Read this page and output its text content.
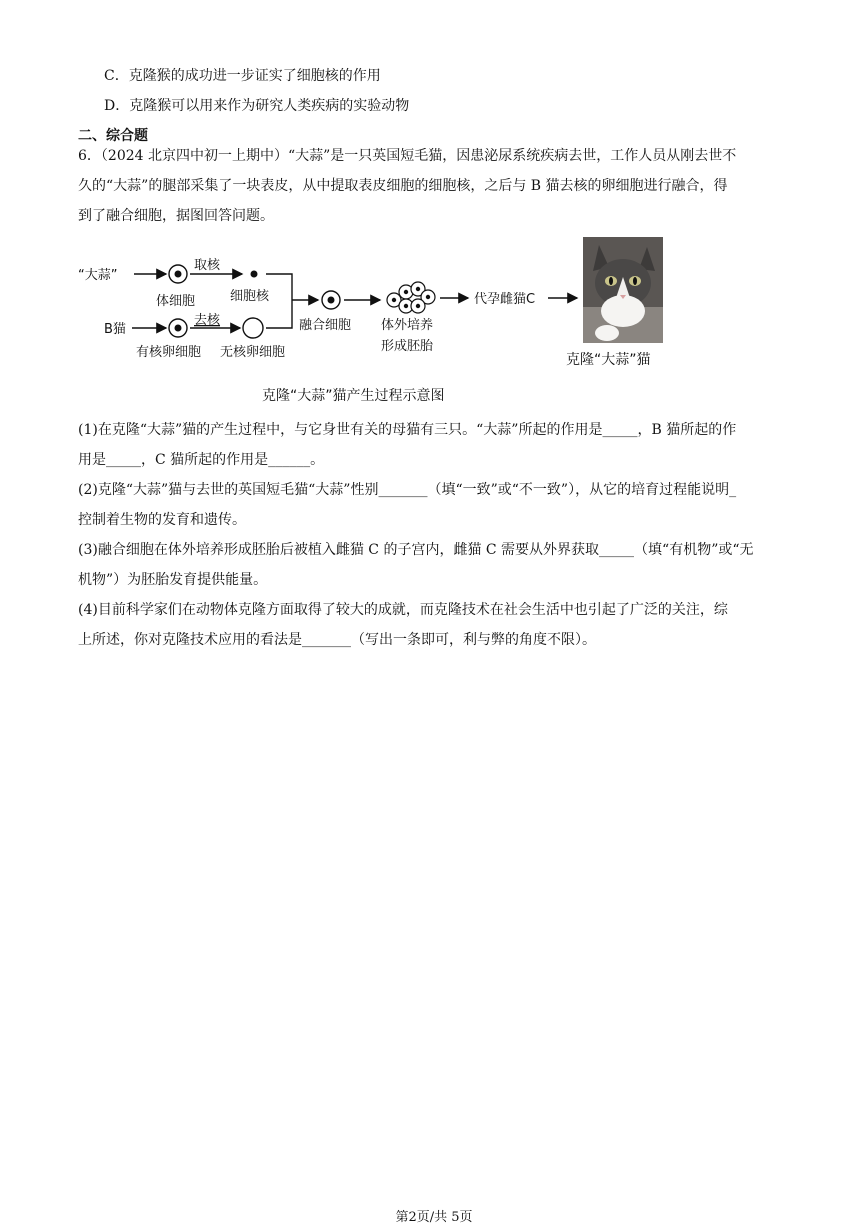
C．克隆猴的成功进一步证实了细胞核的作用
D．克隆猴可以用来作为研究人类疾病的实验动物
二、综合题
6．（2024 北京四中初一上期中）“大蒜”是一只英国短毛猫，因患泌尿系统疾病去世，工作人员从刚去世不
久的“大蒜”的腿部采集了一块表皮，从中提取表皮细胞的细胞核，之后与 B 猫去核的卵细胞进行融合，得
到了融合细胞，据图回答问题。
“大蒜”
体细胞
取核
细胞核
B猫
有核卵细胞
去核
无核卵细胞
融合细胞 体外培养
形成胚胎
代孕雌猫C
克隆“大蒜”猫
克隆“大蒜”猫产生过程示意图
(1)在克隆“大蒜”猫的产生过程中，与它身世有关的母猫有三只。“大蒜”所起的作用是_____，B 猫所起的作
用是_____，C 猫所起的作用是______。
(2)克隆“大蒜”猫与去世的英国短毛猫“大蒜”性别_______（填“一致”或“不一致”），从它的培育过程能说明_
控制着生物的发育和遗传。
(3)融合细胞在体外培养形成胚胎后被植入雌猫 C 的子宫内，雌猫 C 需要从外界获取_____（填“有机物”或“无
机物”）为胚胎发育提供能量。
(4)目前科学家们在动物体克隆方面取得了较大的成就，而克隆技术在社会生活中也引起了广泛的关注，综
上所述，你对克隆技术应用的看法是_______（写出一条即可，利与弊的角度不限）。
第2页/共 5页
